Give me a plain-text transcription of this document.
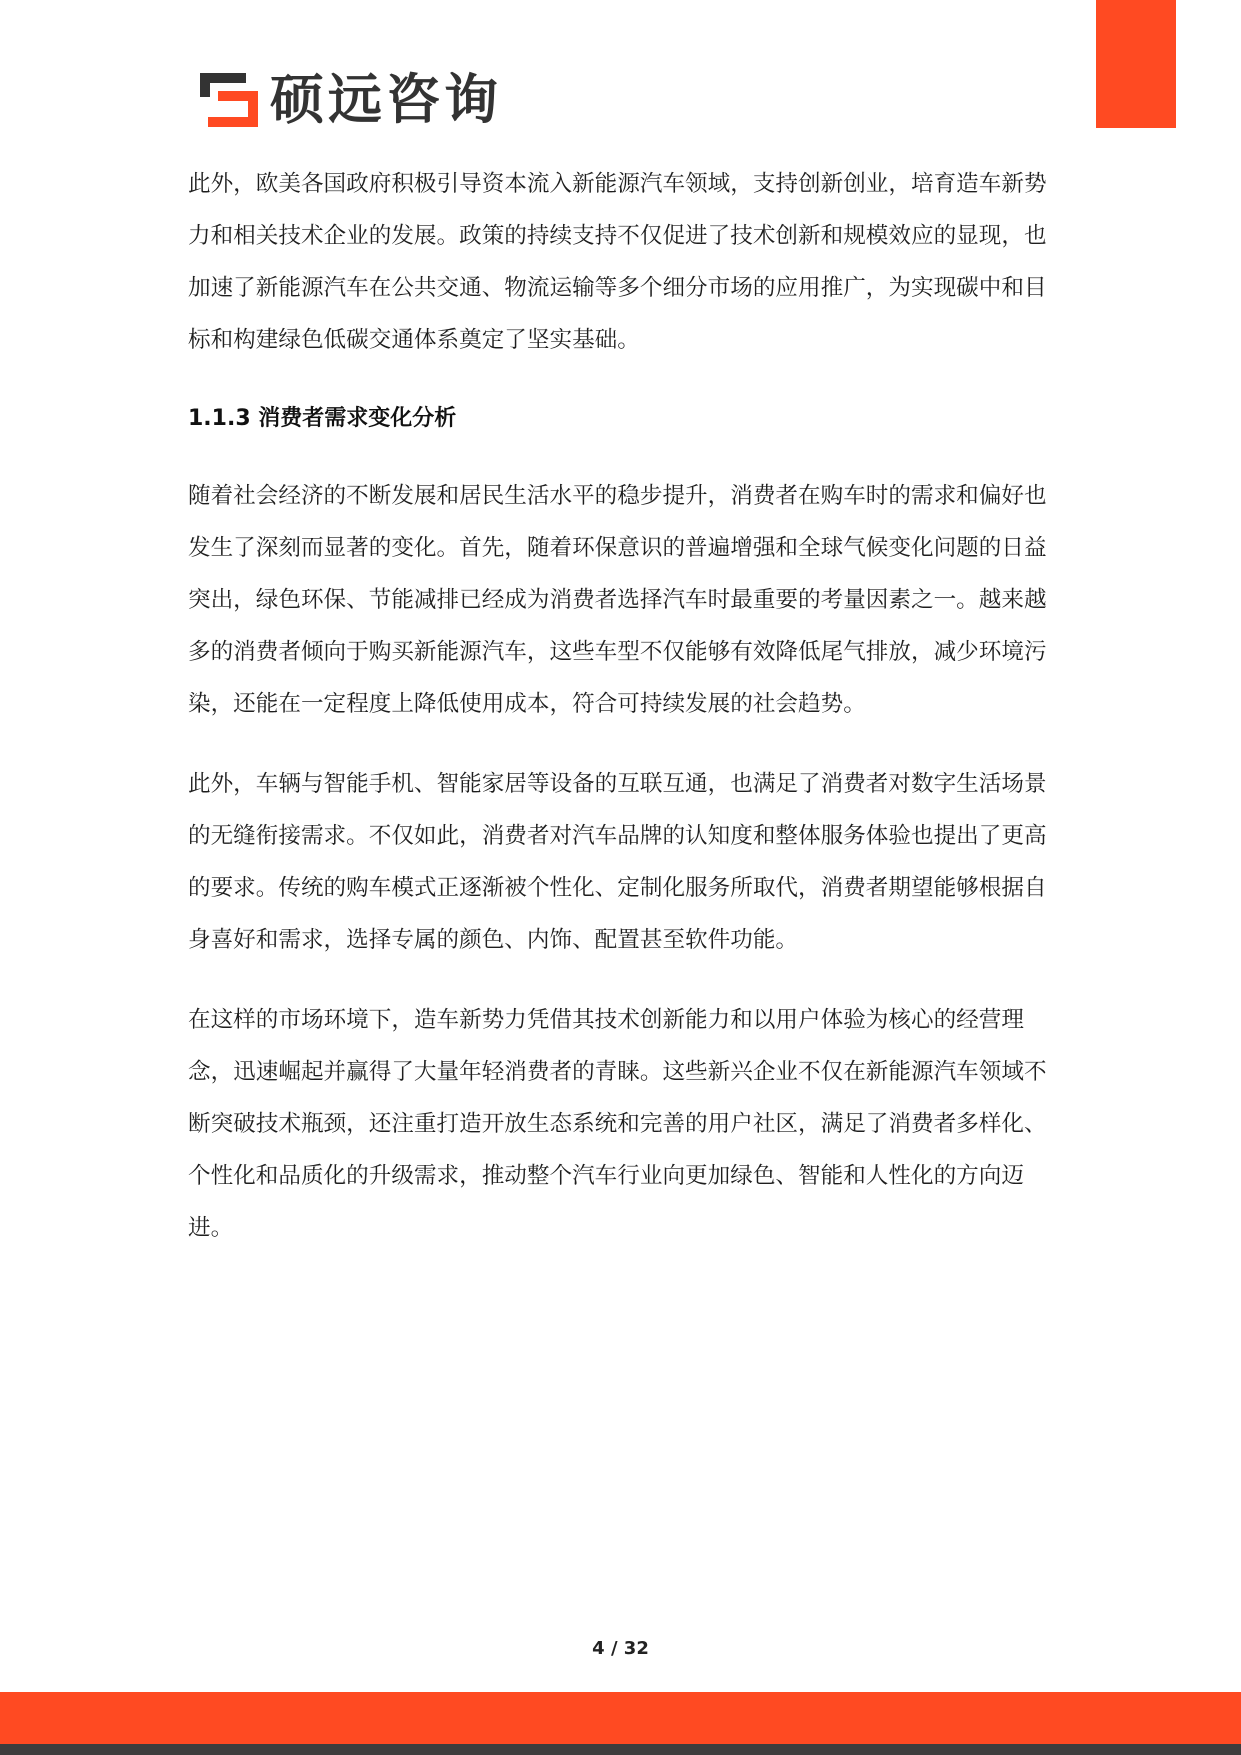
硕远咨询

此外，欧美各国政府积极引导资本流入新能源汽车领域，支持创新创业，培育造车新势力和相关技术企业的发展。政策的持续支持不仅促进了技术创新和规模效应的显现，也加速了新能源汽车在公共交通、物流运输等多个细分市场的应用推广，为实现碳中和目标和构建绿色低碳交通体系奠定了坚实基础。

1.1.3 消费者需求变化分析

随着社会经济的不断发展和居民生活水平的稳步提升，消费者在购车时的需求和偏好也发生了深刻而显著的变化。首先，随着环保意识的普遍增强和全球气候变化问题的日益突出，绿色环保、节能减排已经成为消费者选择汽车时最重要的考量因素之一。越来越多的消费者倾向于购买新能源汽车，这些车型不仅能够有效降低尾气排放，减少环境污染，还能在一定程度上降低使用成本，符合可持续发展的社会趋势。

此外，车辆与智能手机、智能家居等设备的互联互通，也满足了消费者对数字生活场景的无缝衔接需求。不仅如此，消费者对汽车品牌的认知度和整体服务体验也提出了更高的要求。传统的购车模式正逐渐被个性化、定制化服务所取代，消费者期望能够根据自身喜好和需求，选择专属的颜色、内饰、配置甚至软件功能。

在这样的市场环境下，造车新势力凭借其技术创新能力和以用户体验为核心的经营理念，迅速崛起并赢得了大量年轻消费者的青睐。这些新兴企业不仅在新能源汽车领域不断突破技术瓶颈，还注重打造开放生态系统和完善的用户社区，满足了消费者多样化、个性化和品质化的升级需求，推动整个汽车行业向更加绿色、智能和人性化的方向迈进。

4 / 32
